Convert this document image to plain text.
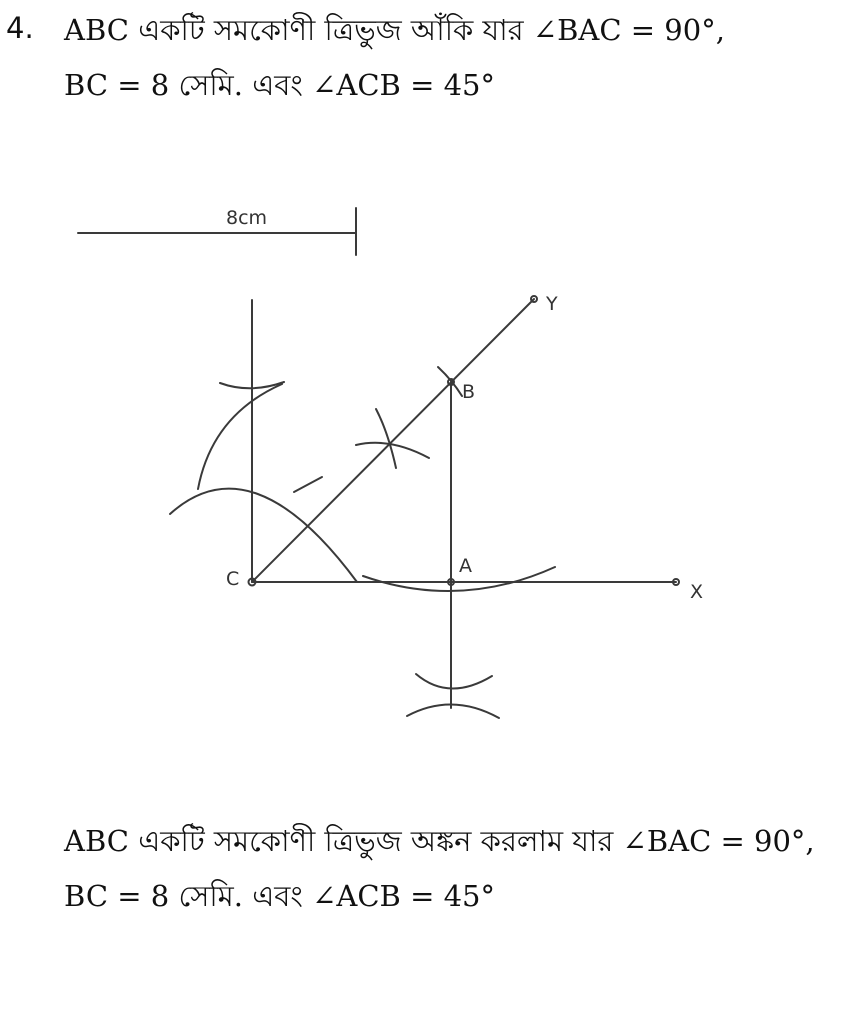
4. ABC একটি সমকোণী ত্রিভুজ আঁকি যার ∠BAC = 90°,
BC = 8 সেমি. এবং ∠ACB = 45°
8cm
C
A
B
X
Y
ABC একটি সমকোণী ত্রিভুজ অঙ্কন করলাম যার ∠BAC = 90°,
BC = 8 সেমি. এবং ∠ACB = 45°
